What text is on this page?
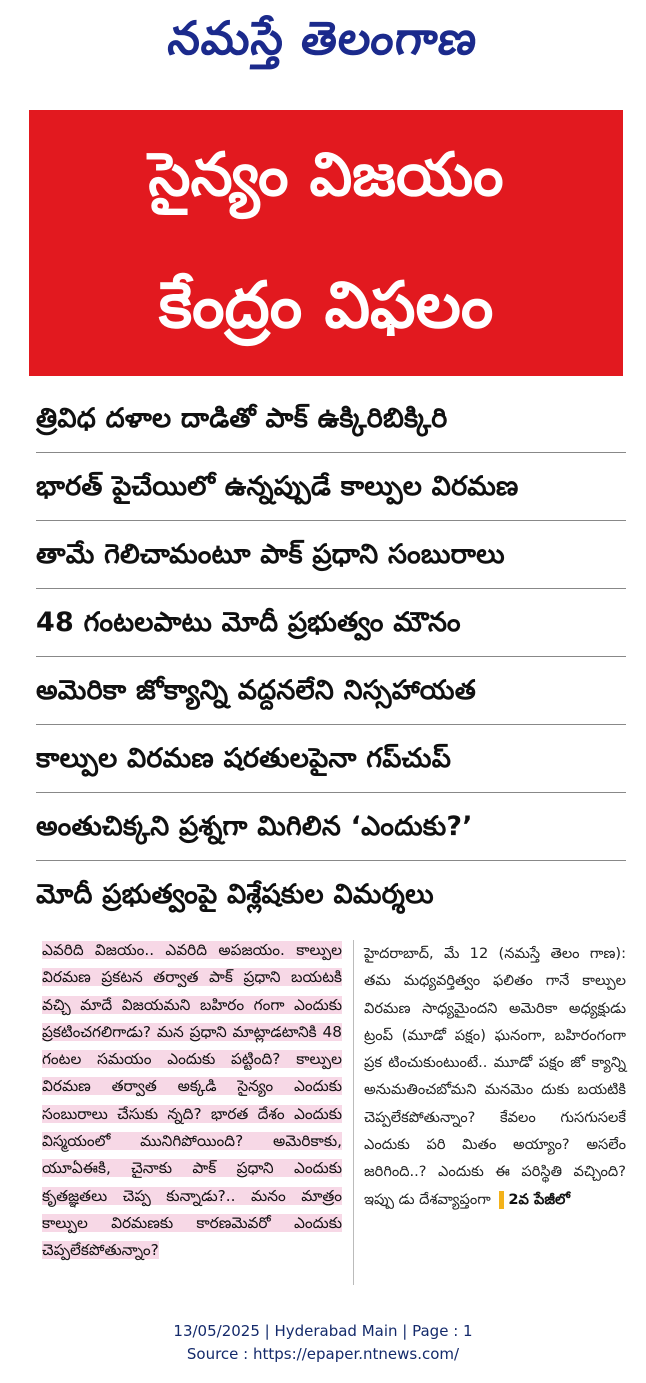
నమస్తే తెలంగాణ
సైన్యం విజయం
కేంద్రం విఫలం
త్రివిధ దళాల దాడితో పాక్ ఉక్కిరిబిక్కిరి
భారత్ పైచేయిలో ఉన్నప్పుడే కాల్పుల విరమణ
తామే గెలిచామంటూ పాక్ ప్రధాని సంబురాలు
48 గంటలపాటు మోదీ ప్రభుత్వం మౌనం
అమెరికా జోక్యాన్ని వద్దనలేని నిస్సహాయత
కాల్పుల విరమణ షరతులపైనా గప్‌చుప్
అంతుచిక్కని ప్రశ్నగా మిగిలిన ‘ఎందుకు?’
మోదీ ప్రభుత్వంపై విశ్లేషకుల విమర్శలు
ఎవరిది విజయం.. ఎవరిది అపజయం. కాల్పుల విరమణ ప్రకటన తర్వాత పాక్ ప్రధాని బయటకి వచ్చి మాదే విజయమని బహిరం గంగా ఎందుకు ప్రకటించగలిగాడు? మన ప్రధాని మాట్లాడటానికి 48 గంటల సమయం ఎందుకు పట్టింది? కాల్పుల విరమణ తర్వాత అక్కడి సైన్యం ఎందుకు సంబురాలు చేసుకు న్నది? భారత దేశం ఎందుకు విస్మయంలో మునిగిపోయింది? అమెరికాకు, యూఏఈకి, చైనాకు పాక్ ప్రధాని ఎందుకు కృతజ్ఞతలు చెప్ప కున్నాడు?.. మనం మాత్రం కాల్పుల విరమణకు కారణమెవరో ఎందుకు చెప్పలేకపోతున్నాం?
హైదరాబాద్, మే 12 (నమస్తే తెలం గాణ): తమ మధ్యవర్తిత్వం ఫలితం గానే కాల్పుల విరమణ సాధ్యమైందని అమెరికా అధ్యక్షుడు ట్రంప్ (మూడో పక్షం) ఘనంగా, బహిరంగంగా ప్రక టించుకుంటుంటే.. మూడో పక్షం జో క్యాన్ని అనుమతించబోమని మనమెం దుకు బయటికి చెప్పలేకపోతున్నాం? కేవలం గుసగుసలకే ఎందుకు పరి మితం అయ్యాం? అసలేం జరిగింది..? ఎందుకు ఈ పరిస్థితి వచ్చింది? ఇప్పు డు దేశవ్యాప్తంగా 2వ పేజీలో
13/05/2025 | Hyderabad Main | Page : 1
Source : https://epaper.ntnews.com/
